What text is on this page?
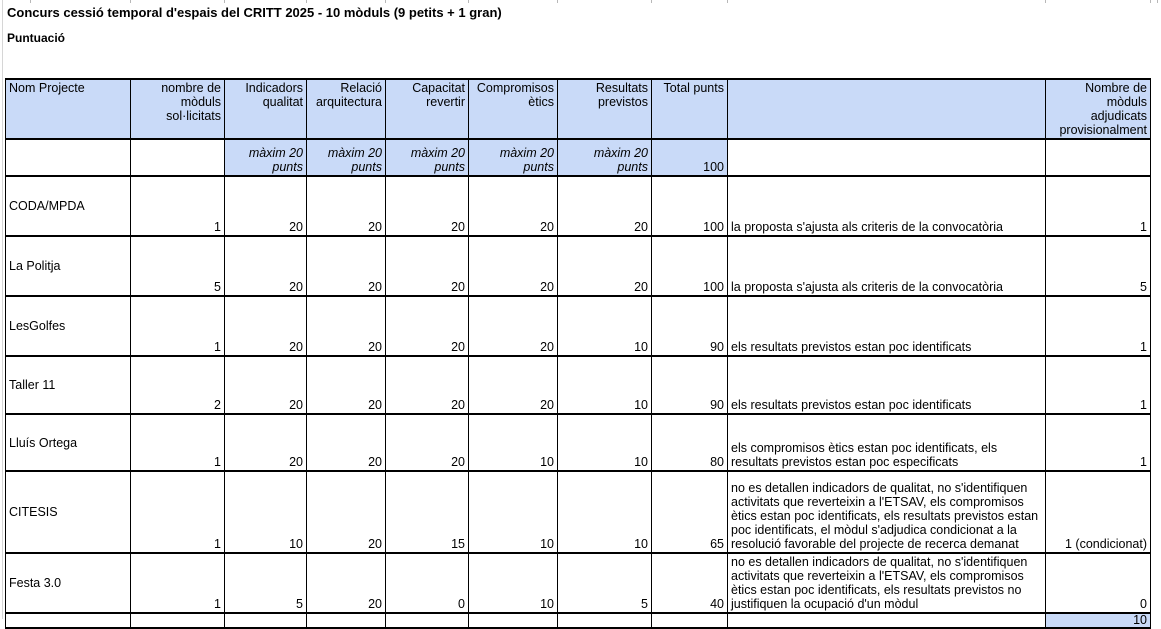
Concurs cessió temporal d'espais del CRITT 2025 - 10 mòduls (9 petits + 1 gran)
Puntuació
Nom Projecte	nombre de mòduls sol·licitats	Indicadors qualitat	Relació arquitectura	Capacitat revertir	Compromisos ètics	Resultats previstos	Total punts		Nombre de mòduls adjudicats provisionalment
		màxim 20 punts	màxim 20 punts	màxim 20 punts	màxim 20 punts	màxim 20 punts	100		
CODA/MPDA	1	20	20	20	20	20	100	la proposta s'ajusta als criteris de la convocatòria	1
La Politja	5	20	20	20	20	20	100	la proposta s'ajusta als criteris de la convocatòria	5
LesGolfes	1	20	20	20	20	10	90	els resultats previstos estan poc identificats	1
Taller 11	2	20	20	20	20	10	90	els resultats previstos estan poc identificats	1
Lluís Ortega	1	20	20	20	10	10	80	els compromisos ètics estan poc identificats, els resultats previstos estan poc especificats	1
CITESIS	1	10	20	15	10	10	65	no es detallen indicadors de qualitat, no s'identifiquen activitats que reverteixin a l'ETSAV, els compromisos ètics estan poc identificats, els resultats previstos estan poc identificats, el mòdul s'adjudica condicionat a la resolució favorable del projecte de recerca demanat	1 (condicionat)
Festa 3.0	1	5	20	0	10	5	40	no es detallen indicadors de qualitat, no s'identifiquen activitats que reverteixin a l'ETSAV, els compromisos ètics estan poc identificats, els resultats previstos no justifiquen la ocupació d'un mòdul	0
									10
